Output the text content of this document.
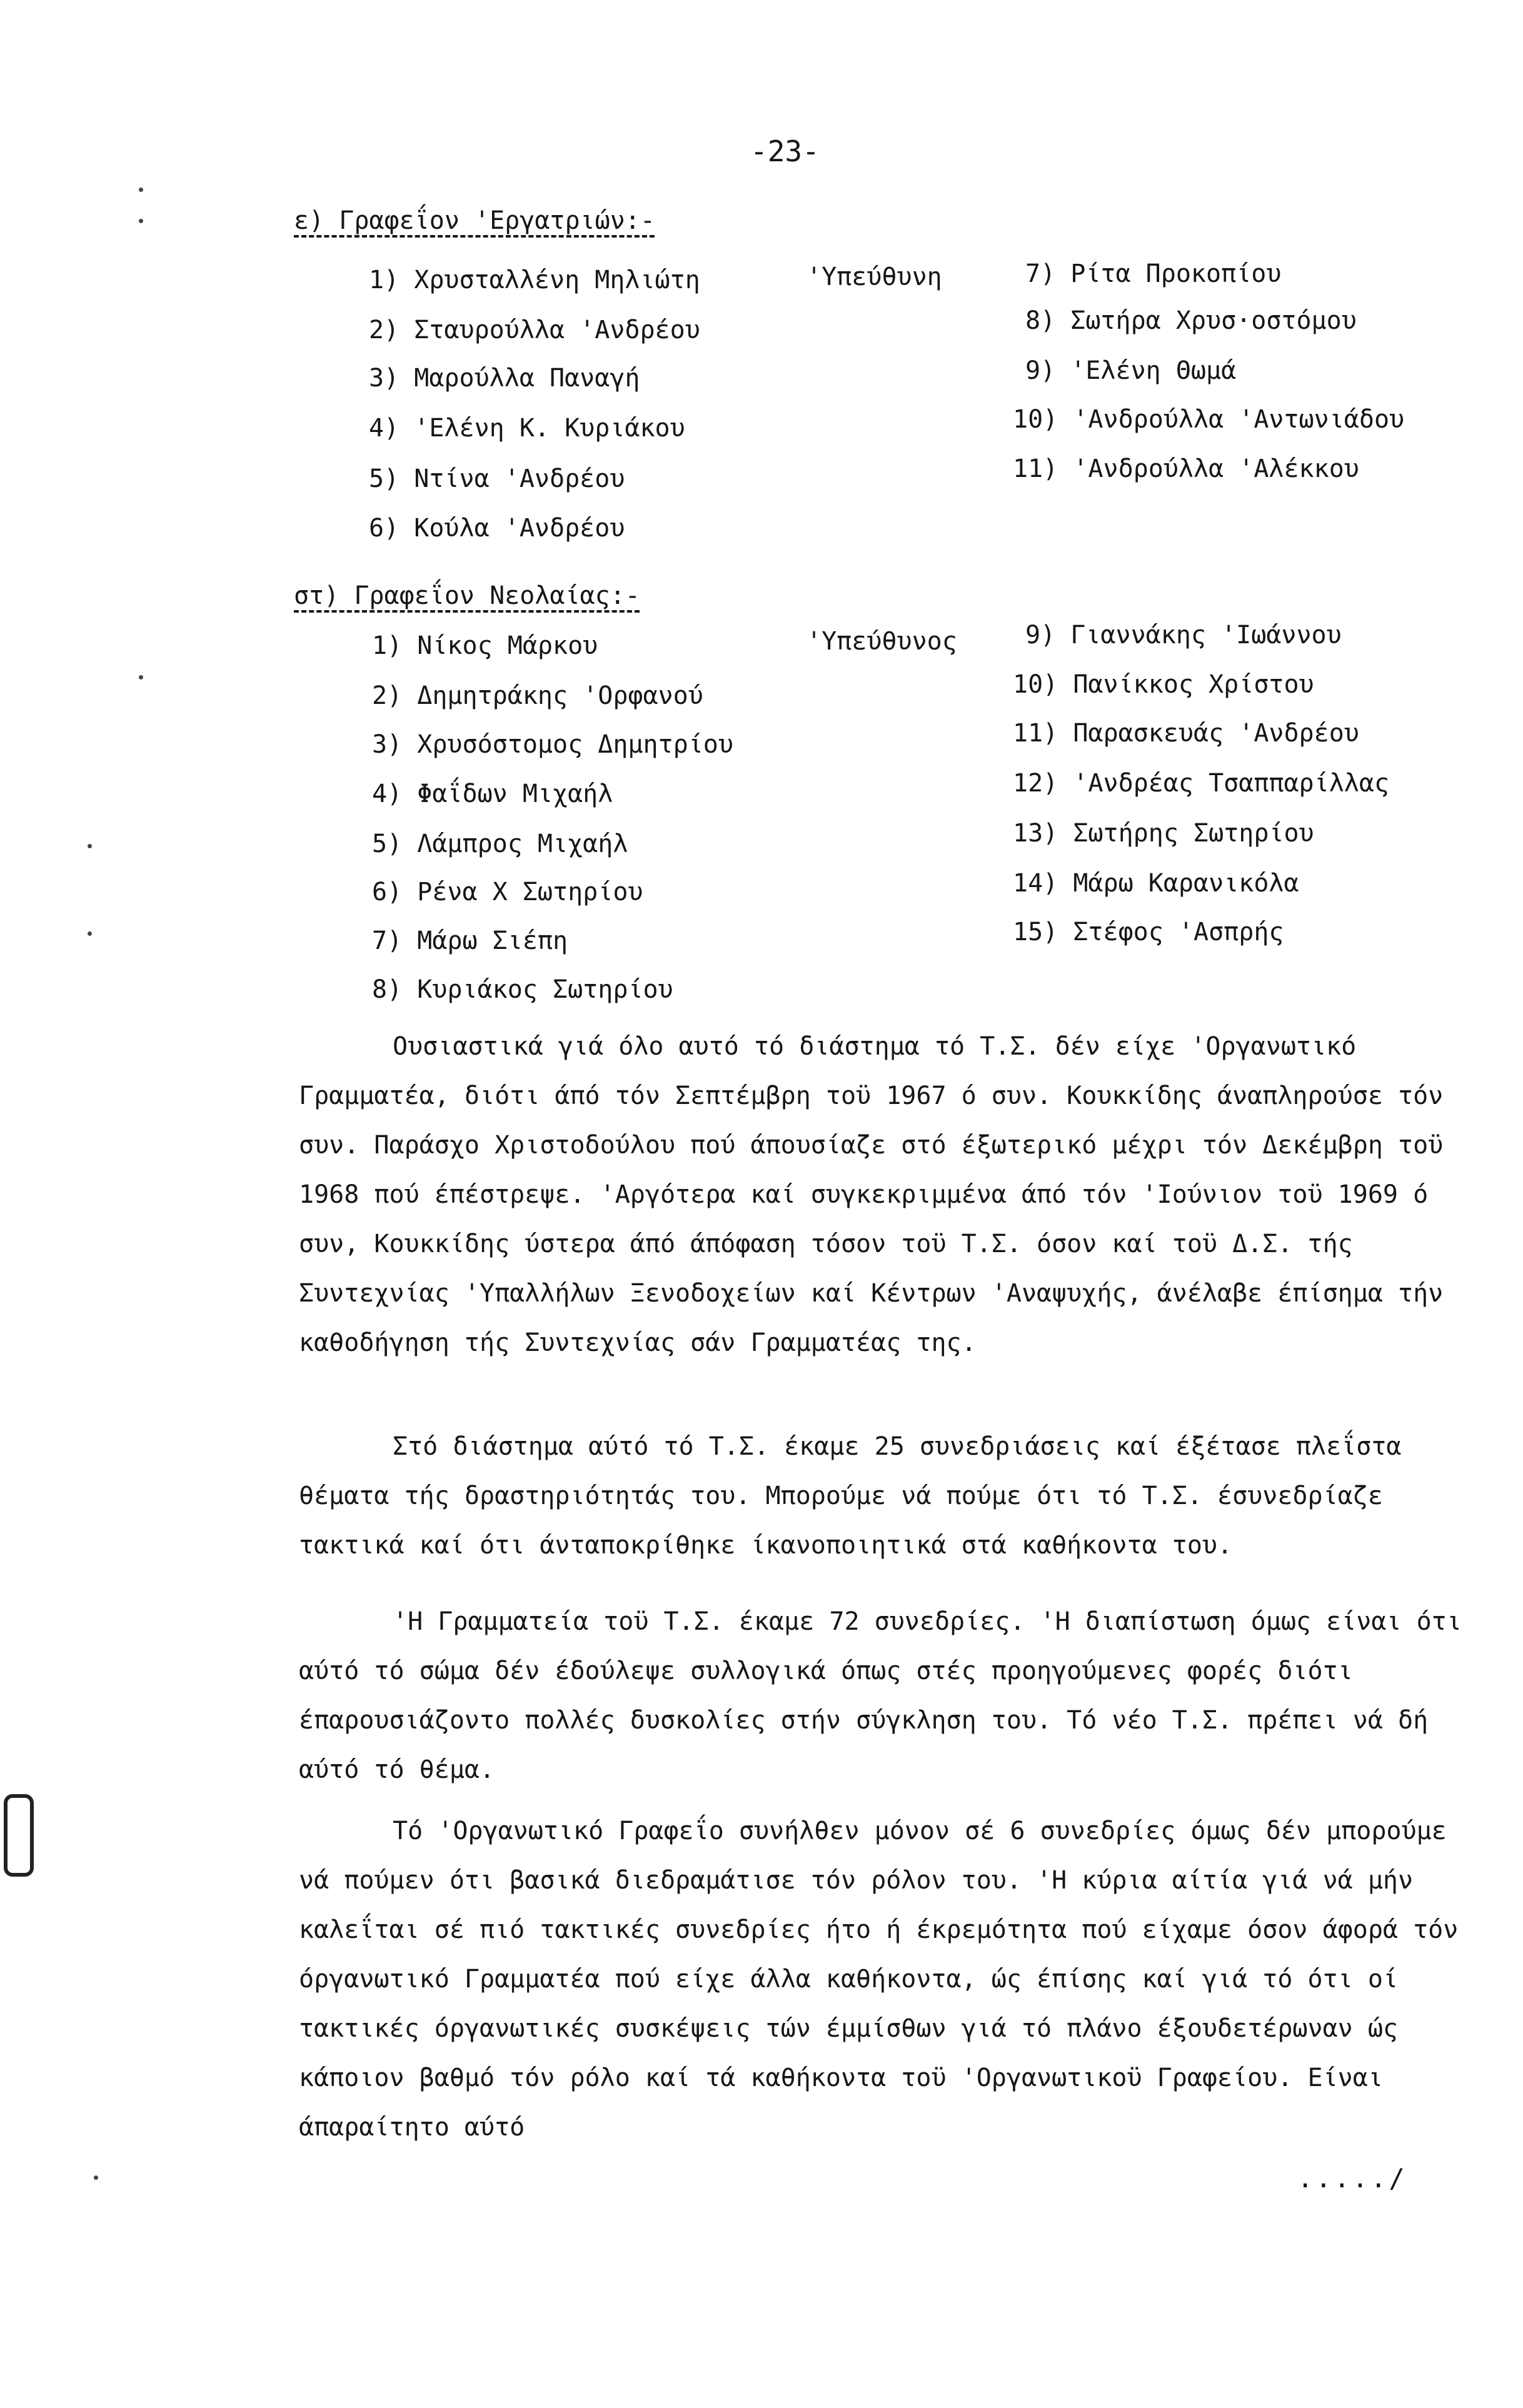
-23-
ε) Γραφεΐον 'Εργατριών:-
'Υπεύθυνη
1) Χρυσταλλένη Μηλιώτη
2) Σταυρούλλα 'Ανδρέου
3) Μαρούλλα Παναγή
4) 'Ελένη Κ. Κυριάκου
5) Ντίνα 'Ανδρέου
6) Κούλα 'Ανδρέου
7) Ρίτα Προκοπίου
8) Σωτήρα Χρυσ·οστόμου
9) 'Ελένη Θωμά
10) 'Ανδρούλλα 'Αντωνιάδου
11) 'Ανδρούλλα 'Αλέκκου
στ) Γραφεΐον Νεολαίας:-
'Υπεύθυνος
1) Νίκος Μάρκου
2) Δημητράκης 'Ορφανού
3) Χρυσόστομος Δημητρίου
4) Φαΐδων Μιχαήλ
5) Λάμπρος Μιχαήλ
6) Ρένα Χ Σωτηρίου
7) Μάρω Σιέπη
8) Κυριάκος Σωτηρίου
9) Γιαννάκης 'Ιωάννου
10) Πανίκκος Χρίστου
11) Παρασκευάς 'Ανδρέου
12) 'Ανδρέας Τσαππαρίλλας
13) Σωτήρης Σωτηρίου
14) Μάρω Καρανικόλα
15) Στέφος 'Ασπρής

Ουσιαστικά γιά όλο αυτό τό διάστημα τό Τ.Σ. δέν είχε 'Οργανωτικό Γραμματέα, διότι άπό τόν Σεπτέμβρη τοϋ 1967 ό συν. Κουκκίδης άναπληρούσε τόν συν. Παράσχο Χριστοδούλου πού άπουσίαζε στό έξωτερικό μέχρι τόν Δεκέμβρη τοϋ 1968 πού έπέστρεψε. 'Αργότερα καί συγκεκριμμένα άπό τόν 'Ιούνιον τοϋ 1969 ό συν, Κουκκίδης ύστερα άπό άπόφαση τόσον τοϋ Τ.Σ. όσον καί τοϋ Δ.Σ. τής Συντεχνίας 'Υπαλλήλων Ξενοδοχείων καί Κέντρων 'Αναψυχής, άνέλαβε έπίσημα τήν καθοδήγηση τής Συντεχνίας σάν Γραμματέας της.

Στό διάστημα αύτό τό Τ.Σ. έκαμε 25 συνεδριάσεις καί έξέτασε πλεΐστα θέματα τής δραστηριότητάς του. Μπορούμε νά πούμε ότι τό Τ.Σ. έσυνεδρίαζε τακτικά καί ότι άνταποκρίθηκε ίκανοποιητικά στά καθήκοντα του.

'Η Γραμματεία τοϋ Τ.Σ. έκαμε 72 συνεδρίες. 'Η διαπίστωση όμως είναι ότι αύτό τό σώμα δέν έδούλεψε συλλογικά όπως στές προηγούμενες φορές διότι έπαρουσιάζοντο πολλές δυσκολίες στήν σύγκληση του. Τό νέο Τ.Σ. πρέπει νά δή αύτό τό θέμα.

Τό 'Οργανωτικό Γραφεΐο συνήλθεν μόνον σέ 6 συνεδρίες όμως δέν μπορούμε νά πούμεν ότι βασικά διεδραμάτισε τόν ρόλον του. 'Η κύρια αίτία γιά νά μήν καλεΐται σέ πιό τακτικές συνεδρίες ήτο ή έκρεμότητα πού είχαμε όσον άφορά τόν όργανωτικό Γραμματέα πού είχε άλλα καθήκοντα, ώς έπίσης καί γιά τό ότι οί τακτικές όργανωτικές συσκέψεις τών έμμίσθων γιά τό πλάνο έξουδετέρωναν ώς κάποιον βαθμό τόν ρόλο καί τά καθήκοντα τοϋ 'Οργανωτικοϋ Γραφείου. Είναι άπαραίτητο αύτό

...../
